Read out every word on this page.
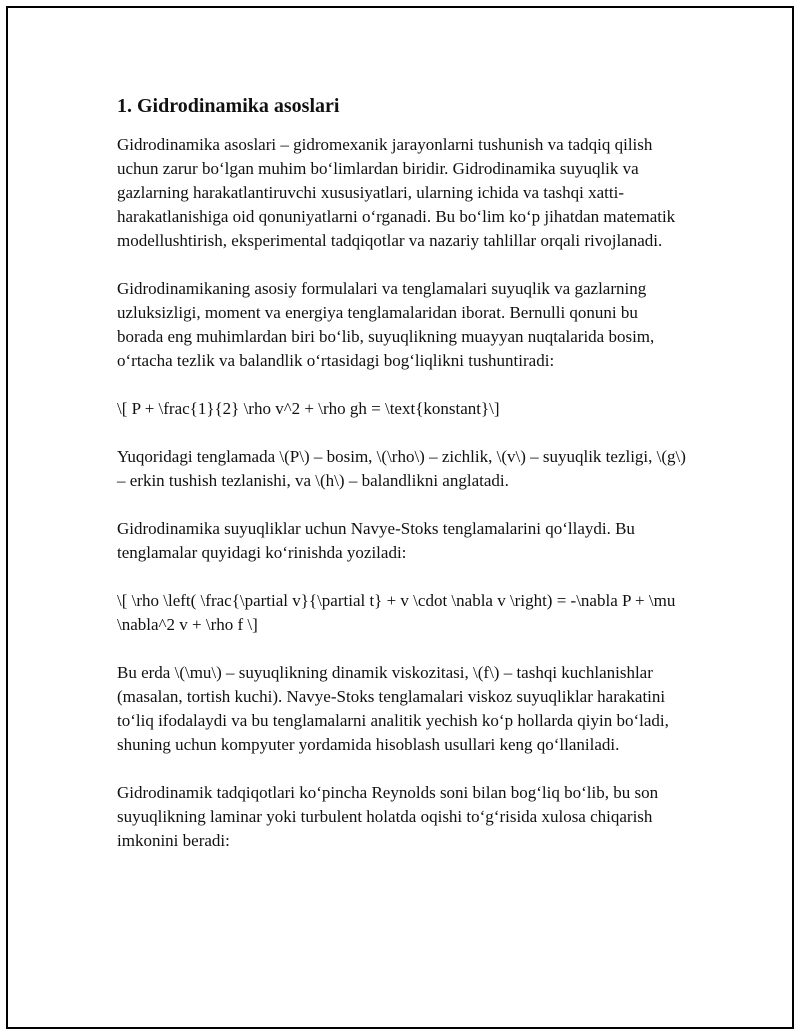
1. Gidrodinamika asoslari

Gidrodinamika asoslari – gidromexanik jarayonlarni tushunish va tadqiq qilish uchun zarur bo‘lgan muhim bo‘limlardan biridir. Gidrodinamika suyuqlik va gazlarning harakatlantiruvchi xususiyatlari, ularning ichida va tashqi xatti-harakatlanishiga oid qonuniyatlarni o‘rganadi. Bu bo‘lim ko‘p jihatdan matematik modellushtirish, eksperimental tadqiqotlar va nazariy tahlillar orqali rivojlanadi.

Gidrodinamikaning asosiy formulalari va tenglamalari suyuqlik va gazlarning uzluksizligi, moment va energiya tenglamalaridan iborat. Bernulli qonuni bu borada eng muhimlardan biri bo‘lib, suyuqlikning muayyan nuqtalarida bosim, o‘rtacha tezlik va balandlik o‘rtasidagi bog‘liqlikni tushuntiradi:

\[ P + \frac{1}{2} \rho v^2 + \rho gh = \text{konstant}\]

Yuqoridagi tenglamada \(P\) – bosim, \(\rho\) – zichlik, \(v\) – suyuqlik tezligi, \(g\) – erkin tushish tezlanishi, va \(h\) – balandlikni anglatadi.

Gidrodinamika suyuqliklar uchun Navye-Stoks tenglamalarini qo‘llaydi. Bu tenglamalar quyidagi ko‘rinishda yoziladi:

\[ \rho \left( \frac{\partial v}{\partial t} + v \cdot \nabla v \right) = -\nabla P + \mu \nabla^2 v + \rho f \]

Bu erda \(\mu\) – suyuqlikning dinamik viskozitasi, \(f\) – tashqi kuchlanishlar (masalan, tortish kuchi). Navye-Stoks tenglamalari viskoz suyuqliklar harakatini to‘liq ifodalaydi va bu tenglamalarni analitik yechish ko‘p hollarda qiyin bo‘ladi, shuning uchun kompyuter yordamida hisoblash usullari keng qo‘llaniladi.

Gidrodinamik tadqiqotlari ko‘pincha Reynolds soni bilan bog‘liq bo‘lib, bu son suyuqlikning laminar yoki turbulent holatda oqishi to‘g‘risida xulosa chiqarish imkonini beradi:
